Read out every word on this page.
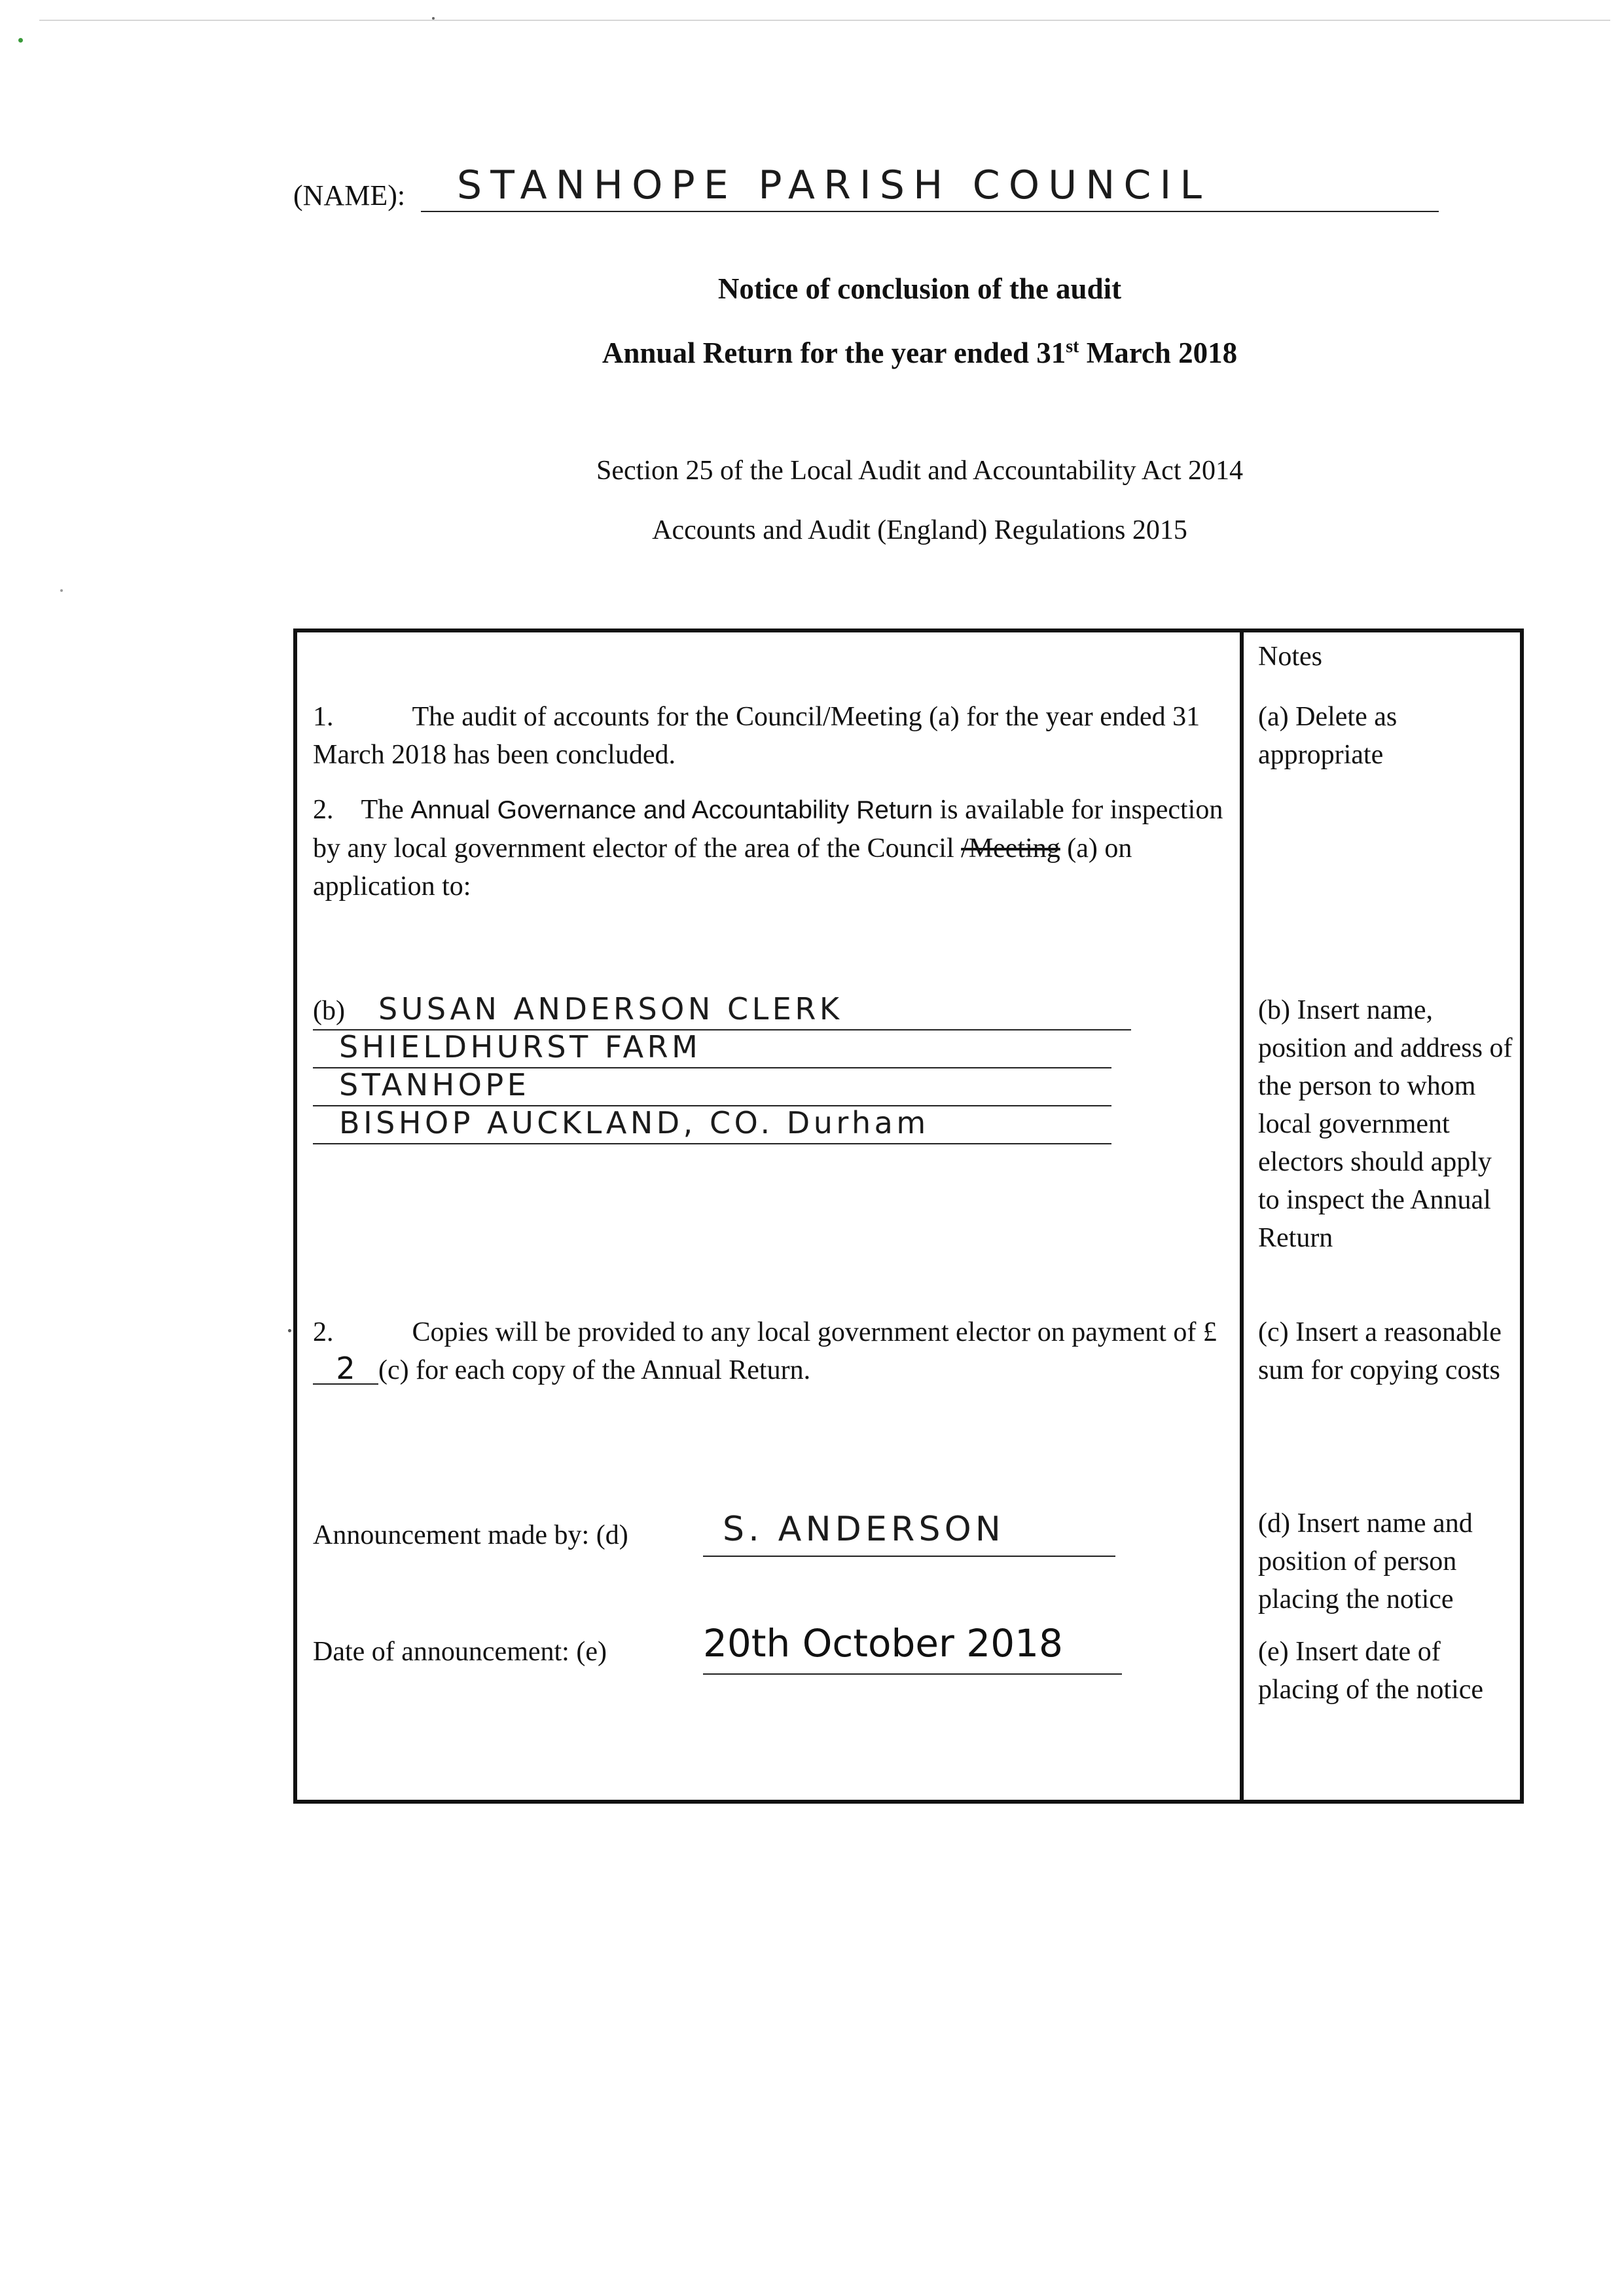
(NAME): STANHOPE PARISH COUNCIL
Notice of conclusion of the audit
Annual Return for the year ended 31st March 2018
Section 25 of the Local Audit and Accountability Act 2014
Accounts and Audit (England) Regulations 2015
Notes
1.	The audit of accounts for the Council/Meeting (a) for the year ended 31 March 2018 has been concluded.
(a) Delete as appropriate
2. The Annual Governance and Accountability Return is available for inspection by any local government elector of the area of the Council /Meeting (a) on application to:
(b) SUSAN ANDERSON CLERK
SHIELDHURST FARM
STANHOPE
BISHOP AUCKLAND, CO. Durham
(b) Insert name, position and address of the person to whom local government electors should apply to inspect the Annual Return
2.	Copies will be provided to any local government elector on payment of £2 (c) for each copy of the Annual Return.
(c) Insert a reasonable sum for copying costs
Announcement made by: (d)	S. ANDERSON	(d) Insert name and position of person placing the notice
Date of announcement: (e)	20th October 2018	(e) Insert date of placing of the notice
